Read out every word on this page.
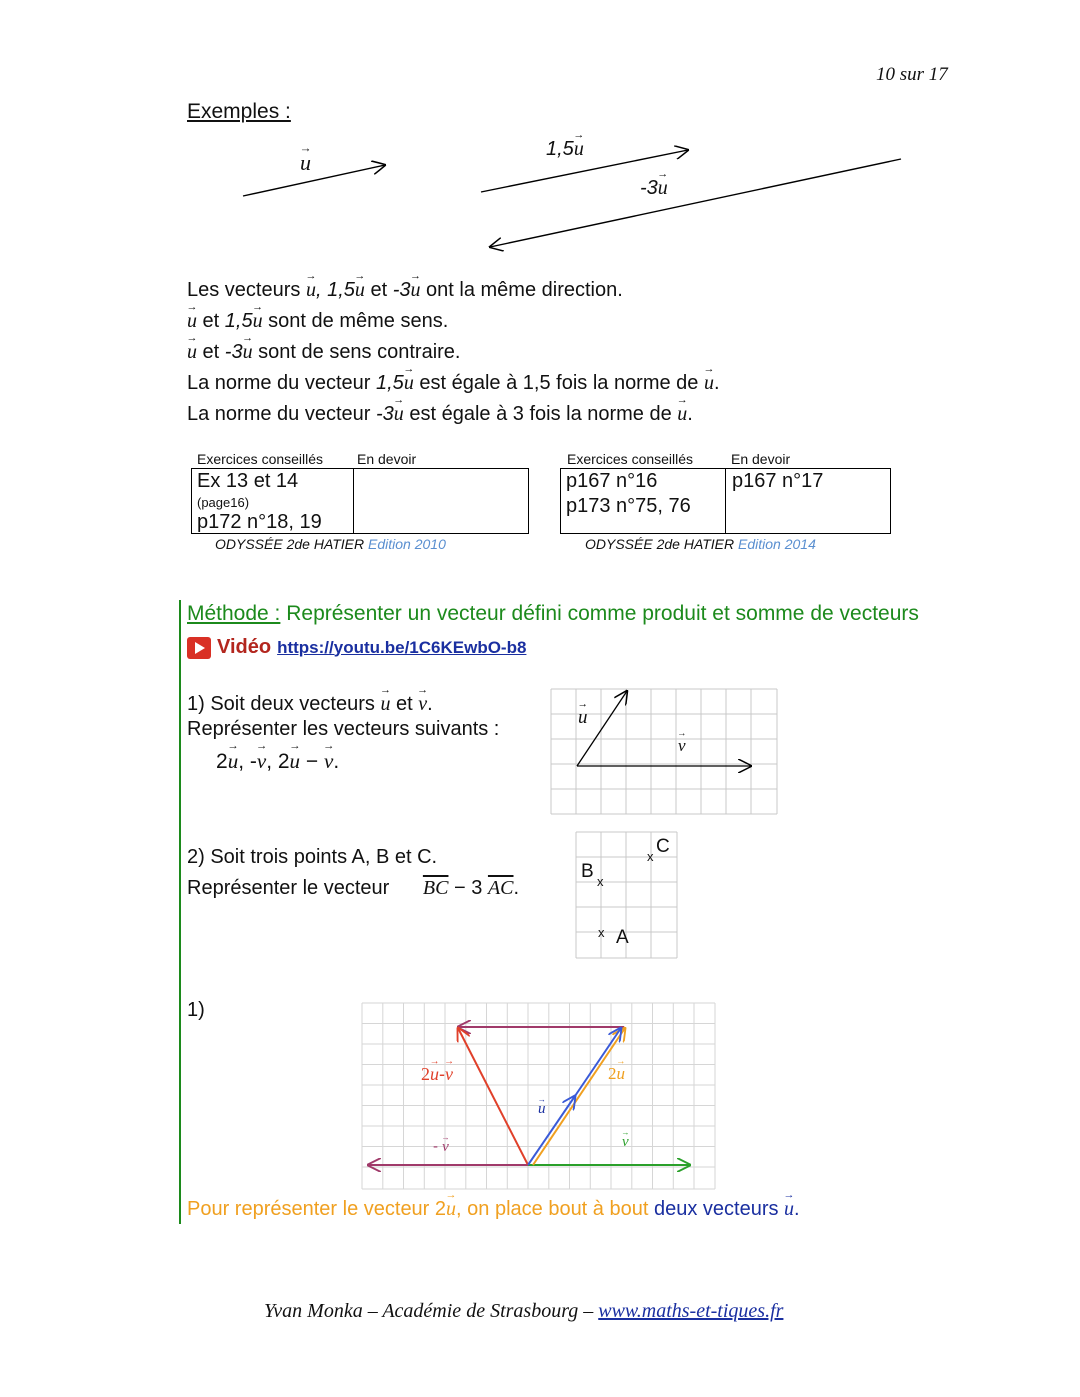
10 sur 17
Exemples :
→ u
1,5→ u
-3→ u
Les vecteurs → u, 1,5→ u et -3→ u ont la même direction.
→ u et 1,5→ u sont de même sens.
→ u et -3→ u sont de sens contraire.
La norme du vecteur 1,5→ u est égale à 1,5 fois la norme de → u.
La norme du vecteur -3→ u est égale à 3 fois la norme de → u.
Exercices conseillés En devoir
Ex 13 et 14
(page16)
p172 n°18, 19
ODYSSÉE 2de HATIER Edition 2010
Exercices conseillés	En devoir
p167 n°16
p173 n°75, 76
p167 n°17
ODYSSÉE 2de HATIER Edition 2014
Méthode : Représenter un vecteur défini comme produit et somme de vecteurs
Vidéo https://youtu.be/1C6KEwbO-b8
1) Soit deux vecteurs → u et → v.
Représenter les vecteurs suivants :
2→ u, -→ v, 2→ u − → v.
→ u
→ v
2) Soit trois points A, B et C.
Représenter le vecteur $\overline{BC} - 3$ $\overline{AC}$.
B x
C
x
x A
1)
2→ u-→ v
- → v
→ u
2→ u
→ v
Pour représenter le vecteur 2→ u, on place bout à bout deux vecteurs → u.
Yvan Monka – Académie de Strasbourg – www.maths-et-tiques.fr
